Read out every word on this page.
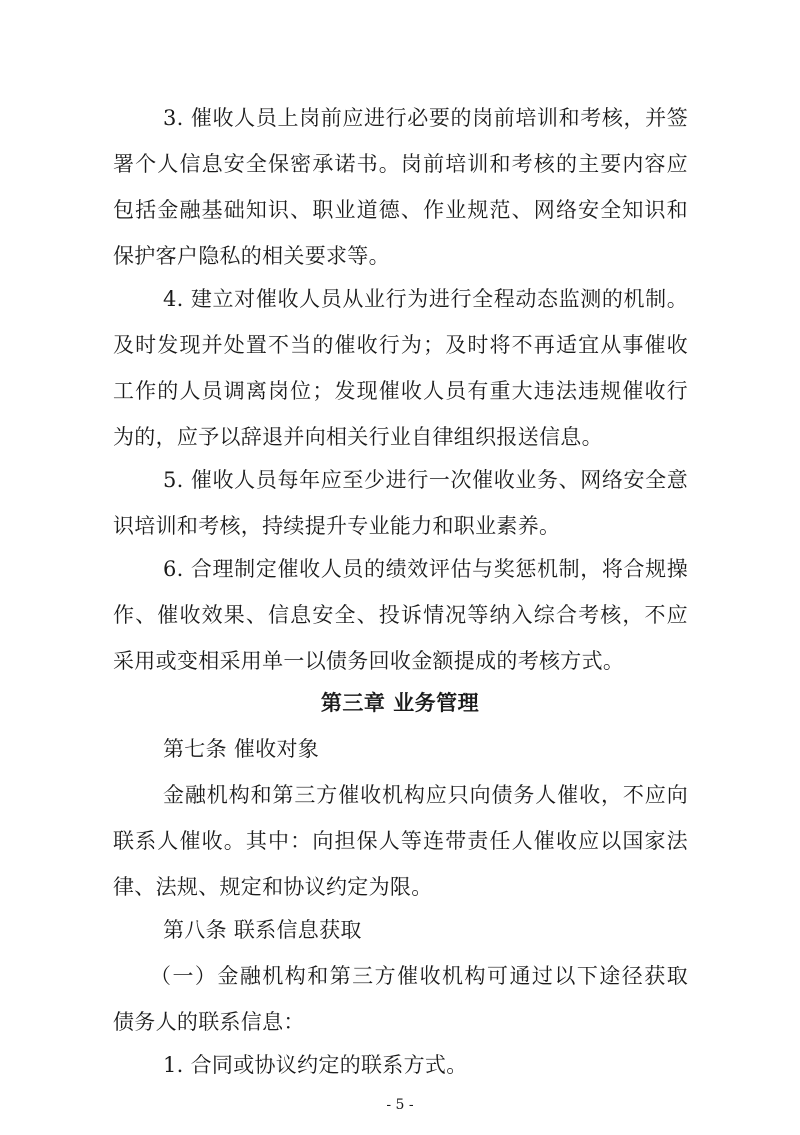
3. 催收人员上岗前应进行必要的岗前培训和考核，并签
署个人信息安全保密承诺书。岗前培训和考核的主要内容应
包括金融基础知识、职业道德、作业规范、网络安全知识和
保护客户隐私的相关要求等。
4. 建立对催收人员从业行为进行全程动态监测的机制。
及时发现并处置不当的催收行为；及时将不再适宜从事催收
工作的人员调离岗位；发现催收人员有重大违法违规催收行
为的，应予以辞退并向相关行业自律组织报送信息。
5. 催收人员每年应至少进行一次催收业务、网络安全意
识培训和考核，持续提升专业能力和职业素养。
6. 合理制定催收人员的绩效评估与奖惩机制，将合规操
作、催收效果、信息安全、投诉情况等纳入综合考核，不应
采用或变相采用单一以债务回收金额提成的考核方式。
第三章 业务管理
第七条 催收对象
金融机构和第三方催收机构应只向债务人催收，不应向
联系人催收。其中：向担保人等连带责任人催收应以国家法
律、法规、规定和协议约定为限。
第八条 联系信息获取
（一）金融机构和第三方催收机构可通过以下途径获取
债务人的联系信息：
1. 合同或协议约定的联系方式。
- 5 -
